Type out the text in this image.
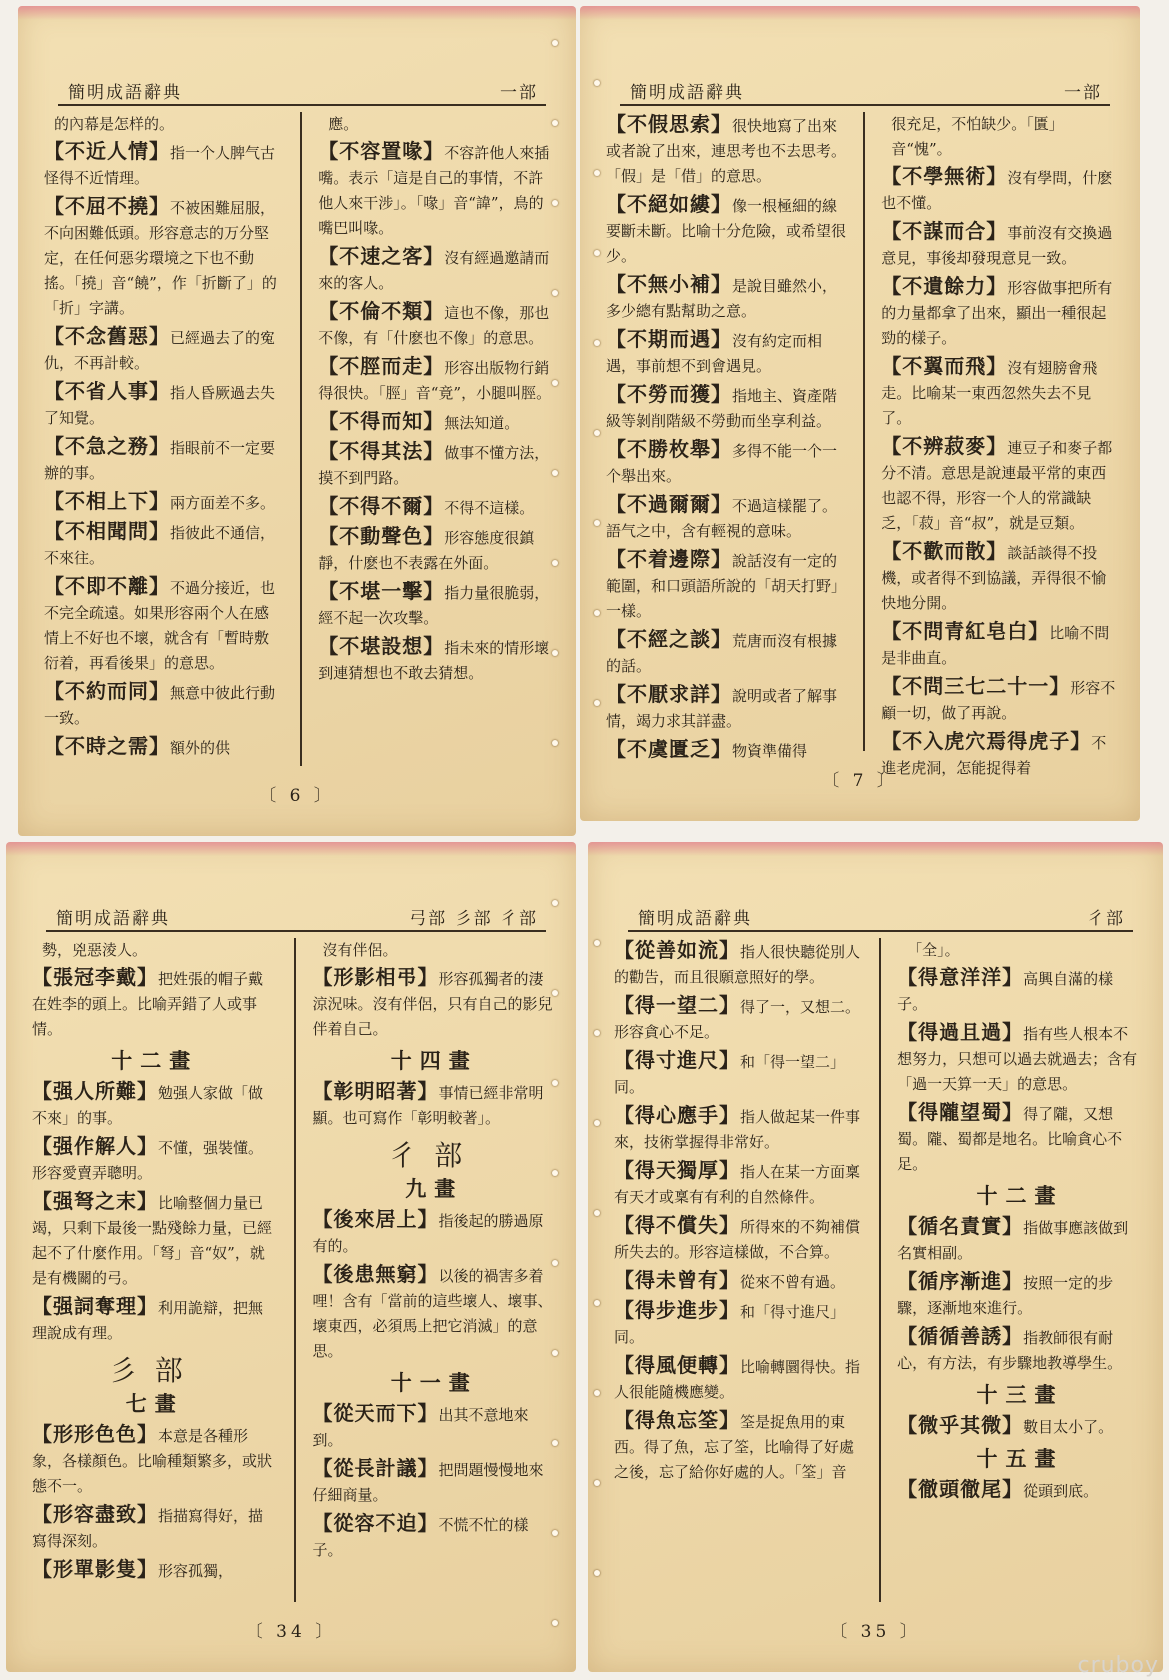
簡明成語辭典	一部
的內幕是怎样的。
【不近人情】指一个人脾气古怪得不近情理。
【不屈不撓】不被困難屈服，不向困難低頭。形容意志的万分堅定，在任何惡劣環境之下也不動搖。「撓」音“饒”，作「折斷了」的「折」字講。
【不念舊惡】已經過去了的寃仇，不再計較。
【不省人事】指人昏厥過去失了知覺。
【不急之務】指眼前不一定要辦的事。
【不相上下】兩方面差不多。
【不相聞問】指彼此不通信，不來往。
【不即不離】不過分接近，也不完全疏遠。如果形容兩个人在感情上不好也不壞，就含有「暫時敷衍着，再看後果」的意思。
【不約而同】無意中彼此行動一致。
【不時之需】額外的供
應。
【不容置喙】不容許他人來插嘴。表示「這是自己的事情，不許他人來干涉」。「喙」音“諱”，鳥的嘴巴叫喙。
【不速之客】沒有經過邀請而來的客人。
【不倫不類】這也不像，那也不像，有「什麽也不像」的意思。
【不脛而走】形容出版物行銷得很快。「脛」音“竟”，小腿叫脛。
【不得而知】無法知道。
【不得其法】做事不懂方法，摸不到門路。
【不得不爾】不得不這樣。
【不動聲色】形容態度很鎮靜，什麽也不表露在外面。
【不堪一擊】指力量很脆弱，經不起一次攻擊。
【不堪設想】指未來的情形壞到連猜想也不敢去猜想。
〔 6 〕
簡明成語辭典	一部
【不假思索】很快地寫了出來或者說了出來，連思考也不去思考。「假」是「借」的意思。
【不絕如縷】像一根極細的線要斷未斷。比喻十分危險，或希望很少。
【不無小補】是說目雖然小，多少總有點幫助之意。
【不期而遇】沒有約定而相遇，事前想不到會遇見。
【不勞而獲】指地主、資產階級等剝削階級不勞動而坐享利益。
【不勝枚舉】多得不能一个一个舉出來。
【不過爾爾】不過這樣罷了。語气之中，含有輕視的意味。
【不着邊際】說話沒有一定的範圍，和口頭語所說的「胡天打野」一樣。
【不經之談】荒唐而沒有根據的話。
【不厭求詳】說明或者了解事情，竭力求其詳盡。
【不虞匱乏】物資準備得
很充足，不怕缺少。「匱」音“愧”。
【不學無術】沒有學問，什麽也不懂。
【不謀而合】事前沒有交換過意見，事後却發現意見一致。
【不遺餘力】形容做事把所有的力量都拿了出來，顯出一種很起勁的樣子。
【不翼而飛】沒有翅膀會飛走。比喻某一東西忽然失去不見了。
【不辨菽麥】連豆子和麥子都分不清。意思是說連最平常的東西也認不得，形容一个人的常識缺乏，「菽」音“叔”，就是豆類。
【不歡而散】談話談得不投機，或者得不到協議，弄得很不愉快地分開。
【不問青紅皂白】比喻不問是非曲直。
【不問三七二十一】形容不顧一切，做了再說。
【不入虎穴焉得虎子】不進老虎洞，怎能捉得着
〔 7 〕
簡明成語辭典	弓部 彡部 彳部
勢，兇惡淩人。
【張冠李戴】把姓張的帽子戴在姓李的頭上。比喻弄錯了人或事情。
十二畫
【强人所難】勉强人家做「做不來」的事。
【强作解人】不懂，强裝懂。形容愛賣弄聰明。
【强弩之末】比喻整個力量已竭，只剩下最後一點殘餘力量，已經起不了什麼作用。「弩」音“奴”，就是有機關的弓。
【强詞奪理】利用詭辯，把無理說成有理。
彡部
七畫
【形形色色】本意是各種形象，各樣顏色。比喻種類繁多，或狀態不一。
【形容盡致】指描寫得好，描寫得深刻。
【形單影隻】形容孤獨，
沒有伴侶。
【形影相弔】形容孤獨者的淒涼況味。沒有伴侶，只有自己的影兒伴着自己。
十四畫
【彰明昭著】事情已經非常明顯。也可寫作「彰明較著」。
彳部
九畫
【後來居上】指後起的勝過原有的。
【後患無窮】以後的禍害多着哩！含有「當前的這些壞人、壞事、壞東西，必須馬上把它消滅」的意思。
十一畫
【從天而下】出其不意地來到。
【從長計議】把問題慢慢地來仔細商量。
【從容不迫】不慌不忙的樣子。
〔 34 〕
簡明成語辭典	彳部
【從善如流】指人很快聽從別人的勸告，而且很願意照好的學。
【得一望二】得了一，又想二。形容貪心不足。
【得寸進尺】和「得一望二」同。
【得心應手】指人做起某一件事來，技術掌握得非常好。
【得天獨厚】指人在某一方面稟有天才或稟有有利的自然條件。
【得不償失】所得來的不夠補償所失去的。形容這樣做，不合算。
【得未曾有】從來不曾有過。
【得步進步】和「得寸進尺」同。
【得風便轉】比喻轉圜得快。指人很能隨機應變。
【得魚忘筌】筌是捉魚用的東西。得了魚，忘了筌，比喻得了好處之後，忘了給你好處的人。「筌」音
「全」。
【得意洋洋】高興自滿的樣子。
【得過且過】指有些人根本不想努力，只想可以過去就過去；含有「過一天算一天」的意思。
【得隴望蜀】得了隴，又想蜀。隴、蜀都是地名。比喻貪心不足。
十二畫
【循名責實】指做事應該做到名實相副。
【循序漸進】按照一定的步驟，逐漸地來進行。
【循循善誘】指教師很有耐心，有方法，有步驟地教導學生。
十三畫
【微乎其微】數目太小了。
十五畫
【徹頭徹尾】從頭到底。
〔 35 〕
cruboy
